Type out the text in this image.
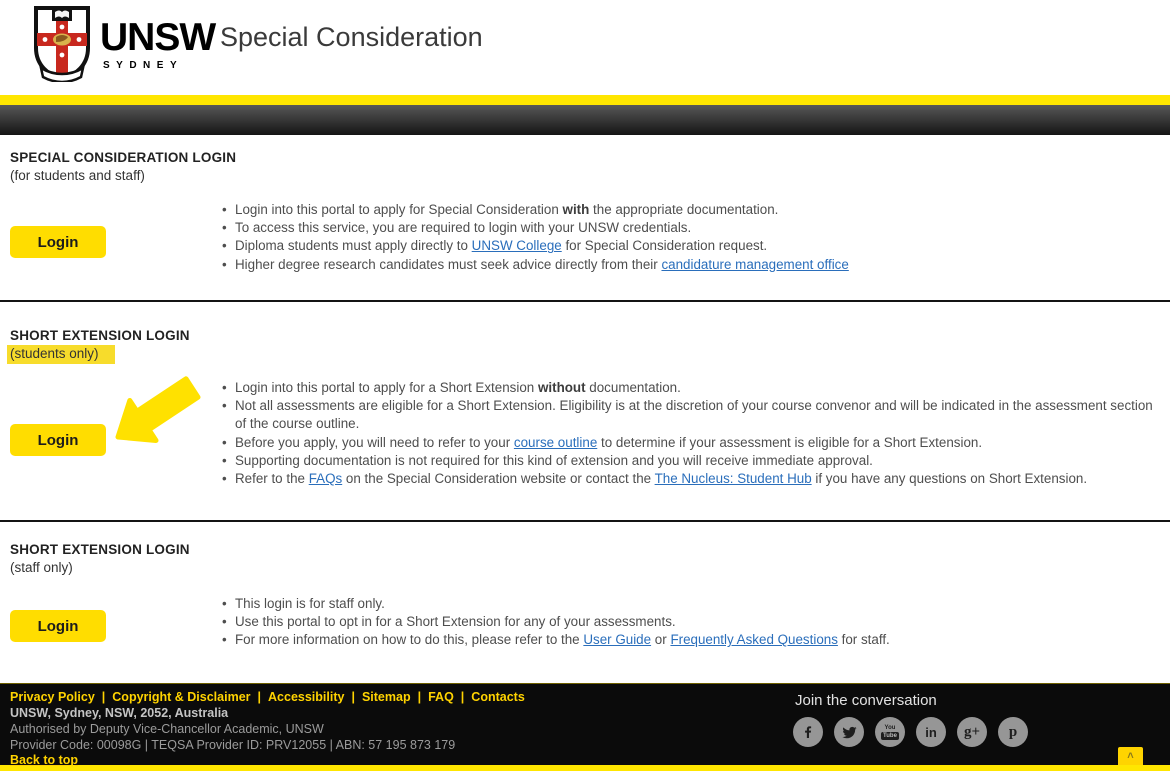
UNSW
SYDNEY
Special Consideration
SPECIAL CONSIDERATION LOGIN
(for students and staff)
Login
• Login into this portal to apply for Special Consideration with the appropriate documentation.
• To access this service, you are required to login with your UNSW credentials.
• Diploma students must apply directly to UNSW College for Special Consideration request.
• Higher degree research candidates must seek advice directly from their candidature management office
SHORT EXTENSION LOGIN
(students only)
Login
• Login into this portal to apply for a Short Extension without documentation.
• Not all assessments are eligible for a Short Extension. Eligibility is at the discretion of your course convenor and will be indicated in the assessment section of the course outline.
• Before you apply, you will need to refer to your course outline to determine if your assessment is eligible for a Short Extension.
• Supporting documentation is not required for this kind of extension and you will receive immediate approval.
• Refer to the FAQs on the Special Consideration website or contact the The Nucleus: Student Hub if you have any questions on Short Extension.
SHORT EXTENSION LOGIN
(staff only)
Login
• This login is for staff only.
• Use this portal to opt in for a Short Extension for any of your assessments.
• For more information on how to do this, please refer to the User Guide or Frequently Asked Questions for staff.
Privacy Policy | Copyright & Disclaimer | Accessibility | Sitemap | FAQ | Contacts
UNSW, Sydney, NSW, 2052, Australia
Authorised by Deputy Vice-Chancellor Academic, UNSW
Provider Code: 00098G | TEQSA Provider ID: PRV12055 | ABN: 57 195 873 179
Back to top
Join the conversation
You
Tube in g+ p
˄
